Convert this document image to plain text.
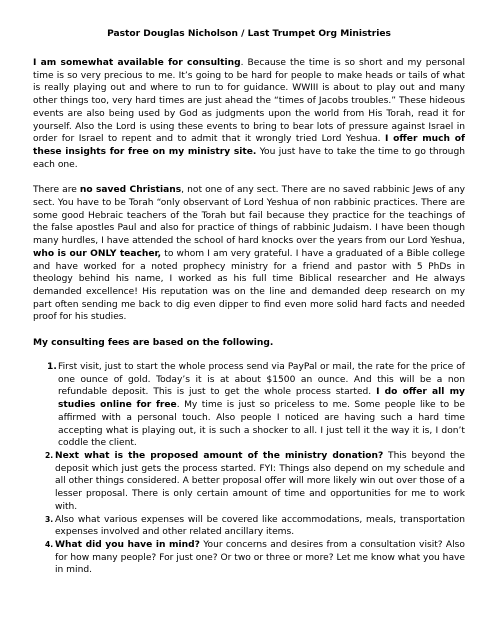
Pastor Douglas Nicholson / Last Trumpet Org Ministries

I am somewhat available for consulting. Because the time is so short and my personal time is so very precious to me. It’s going to be hard for people to make heads or tails of what is really playing out and where to run to for guidance. WWIII is about to play out and many other things too, very hard times are just ahead the “times of Jacobs troubles.” These hideous events are also being used by God as judgments upon the world from His Torah, read it for yourself. Also the Lord is using these events to bring to bear lots of pressure against Israel in order for Israel to repent and to admit that it wrongly tried Lord Yeshua. I offer much of these insights for free on my ministry site. You just have to take the time to go through each one.

There are no saved Christians, not one of any sect. There are no saved rabbinic Jews of any sect. You have to be Torah “only observant of Lord Yeshua of non rabbinic practices. There are some good Hebraic teachers of the Torah but fail because they practice for the teachings of the false apostles Paul and also for practice of things of rabbinic Judaism. I have been though many hurdles, I have attended the school of hard knocks over the years from our Lord Yeshua, who is our ONLY teacher, to whom I am very grateful. I have a graduated of a Bible college and have worked for a noted prophecy ministry for a friend and pastor with 5 PhDs in theology behind his name, I worked as his full time Biblical researcher and He always demanded excellence! His reputation was on the line and demanded deep research on my part often sending me back to dig even dipper to find even more solid hard facts and needed proof for his studies.

My consulting fees are based on the following.
1. First visit, just to start the whole process send via PayPal or mail, the rate for the price of one ounce of gold. Today’s it is at about $1500 an ounce. And this will be a non refundable deposit. This is just to get the whole process started. I do offer all my studies online for free. My time is just so priceless to me. Some people like to be affirmed with a personal touch. Also people I noticed are having such a hard time accepting what is playing out, it is such a shocker to all. I just tell it the way it is, I don’t coddle the client.
2. Next what is the proposed amount of the ministry donation? This beyond the deposit which just gets the process started. FYI: Things also depend on my schedule and all other things considered. A better proposal offer will more likely win out over those of a lesser proposal. There is only certain amount of time and opportunities for me to work with.
3. Also what various expenses will be covered like accommodations, meals, transportation expenses involved and other related ancillary items.
4. What did you have in mind? Your concerns and desires from a consultation visit? Also for how many people? For just one? Or two or three or more? Let me know what you have in mind.
